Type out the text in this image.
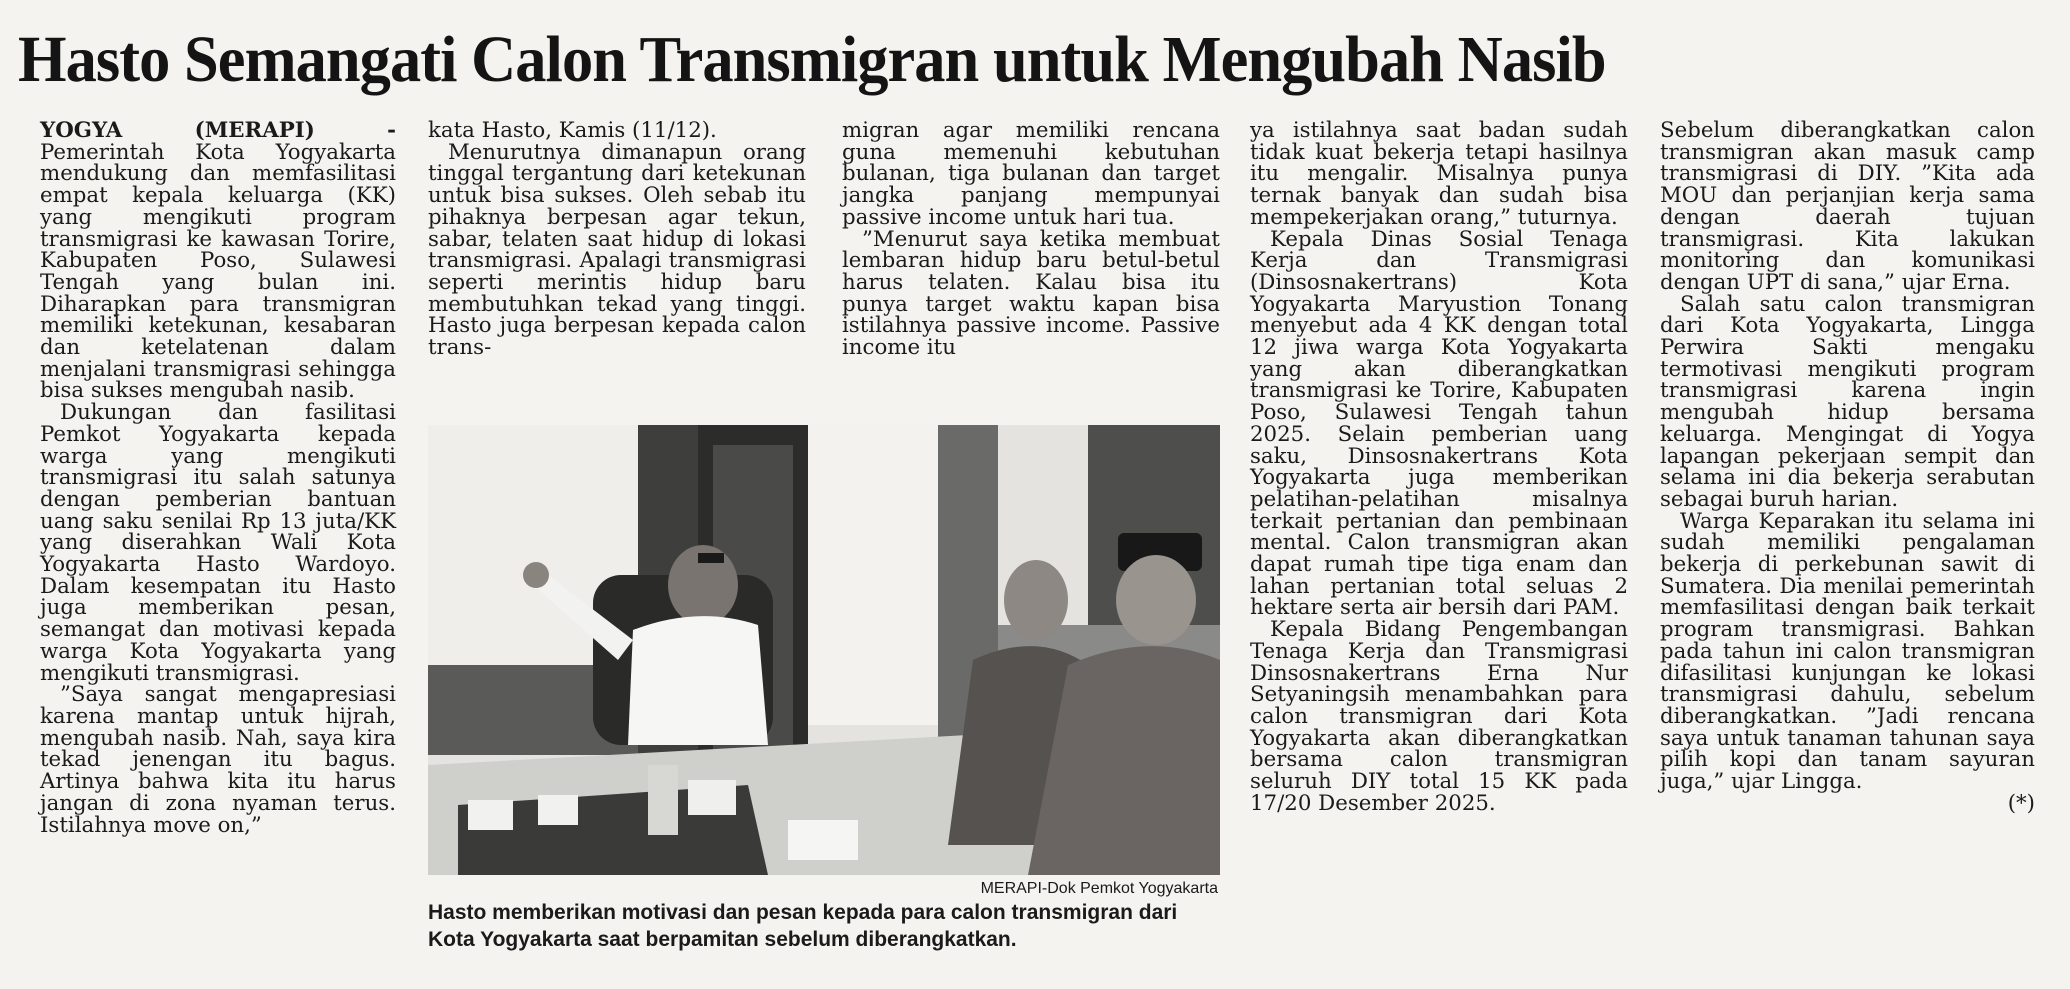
Hasto Semangati Calon Transmigran untuk Mengubah Nasib

YOGYA (MERAPI) - Pemerintah Kota Yogyakarta mendukung dan memfasilitasi empat kepala keluarga (KK) yang mengikuti program transmigrasi ke kawasan Torire, Kabupaten Poso, Sulawesi Tengah yang bulan ini. Diharapkan para transmigran memiliki ketekunan, kesabaran dan ketelatenan dalam menjalani transmigrasi sehingga bisa sukses mengubah nasib.

Dukungan dan fasilitasi Pemkot Yogyakarta kepada warga yang mengikuti transmigrasi itu salah satunya dengan pemberian bantuan uang saku senilai Rp 13 juta/KK yang diserahkan Wali Kota Yogyakarta Hasto Wardoyo. Dalam kesempatan itu Hasto juga memberikan pesan, semangat dan motivasi kepada warga Kota Yogyakarta yang mengikuti transmigrasi.

”Saya sangat mengapresiasi karena mantap untuk hijrah, mengubah nasib. Nah, saya kira tekad jenengan itu bagus. Artinya bahwa kita itu harus jangan di zona nyaman terus. Istilahnya move on,”

kata Hasto, Kamis (11/12).

Menurutnya dimanapun orang tinggal tergantung dari ketekunan untuk bisa sukses. Oleh sebab itu pihaknya berpesan agar tekun, sabar, telaten saat hidup di lokasi transmigrasi. Apalagi transmigrasi seperti merintis hidup baru membutuhkan tekad yang tinggi. Hasto juga berpesan kepada calon trans-

migran agar memiliki rencana guna memenuhi kebutuhan bulanan, tiga bulanan dan target jangka panjang mempunyai passive income untuk hari tua.

”Menurut saya ketika membuat lembaran hidup baru betul-betul harus telaten. Kalau bisa itu punya target waktu kapan bisa istilahnya passive income. Passive income itu

ya istilahnya saat badan sudah tidak kuat bekerja tetapi hasilnya itu mengalir. Misalnya punya ternak banyak dan sudah bisa mempekerjakan orang,” tuturnya.

Kepala Dinas Sosial Tenaga Kerja dan Transmigrasi (Dinsosnakertrans) Kota Yogyakarta Maryustion Tonang menyebut ada 4 KK dengan total 12 jiwa warga Kota Yogyakarta yang akan diberangkatkan transmigrasi ke Torire, Kabupaten Poso, Sulawesi Tengah tahun 2025. Selain pemberian uang saku, Dinsosnakertrans Kota Yogyakarta juga memberikan pelatihan-pelatihan misalnya terkait pertanian dan pembinaan mental. Calon transmigran akan dapat rumah tipe tiga enam dan lahan pertanian total seluas 2 hektare serta air bersih dari PAM.

Kepala Bidang Pengembangan Tenaga Kerja dan Transmigrasi Dinsosnakertrans Erna Nur Setyaningsih menambahkan para calon transmigran dari Kota Yogyakarta akan diberangkatkan bersama calon transmigran seluruh DIY total 15 KK pada 17/20 Desember 2025.

Sebelum diberangkatkan calon transmigran akan masuk camp transmigrasi di DIY. ”Kita ada MOU dan perjanjian kerja sama dengan daerah tujuan transmigrasi. Kita lakukan monitoring dan komunikasi dengan UPT di sana,” ujar Erna.

Salah satu calon transmigran dari Kota Yogyakarta, Lingga Perwira Sakti mengaku termotivasi mengikuti program transmigrasi karena ingin mengubah hidup bersama keluarga. Mengingat di Yogya lapangan pekerjaan sempit dan selama ini dia bekerja serabutan sebagai buruh harian.

Warga Keparakan itu selama ini sudah memiliki pengalaman bekerja di perkebunan sawit di Sumatera. Dia menilai pemerintah memfasilitasi dengan baik terkait program transmigrasi. Bahkan pada tahun ini calon transmigran difasilitasi kunjungan ke lokasi transmigrasi dahulu, sebelum diberangkatkan. ”Jadi rencana saya untuk tanaman tahunan saya pilih kopi dan tanam sayuran juga,” ujar Lingga.

(*)
MERAPI-Dok Pemkot Yogyakarta
Hasto memberikan motivasi dan pesan kepada para calon transmigran dari Kota Yogyakarta saat berpamitan sebelum diberangkatkan.
